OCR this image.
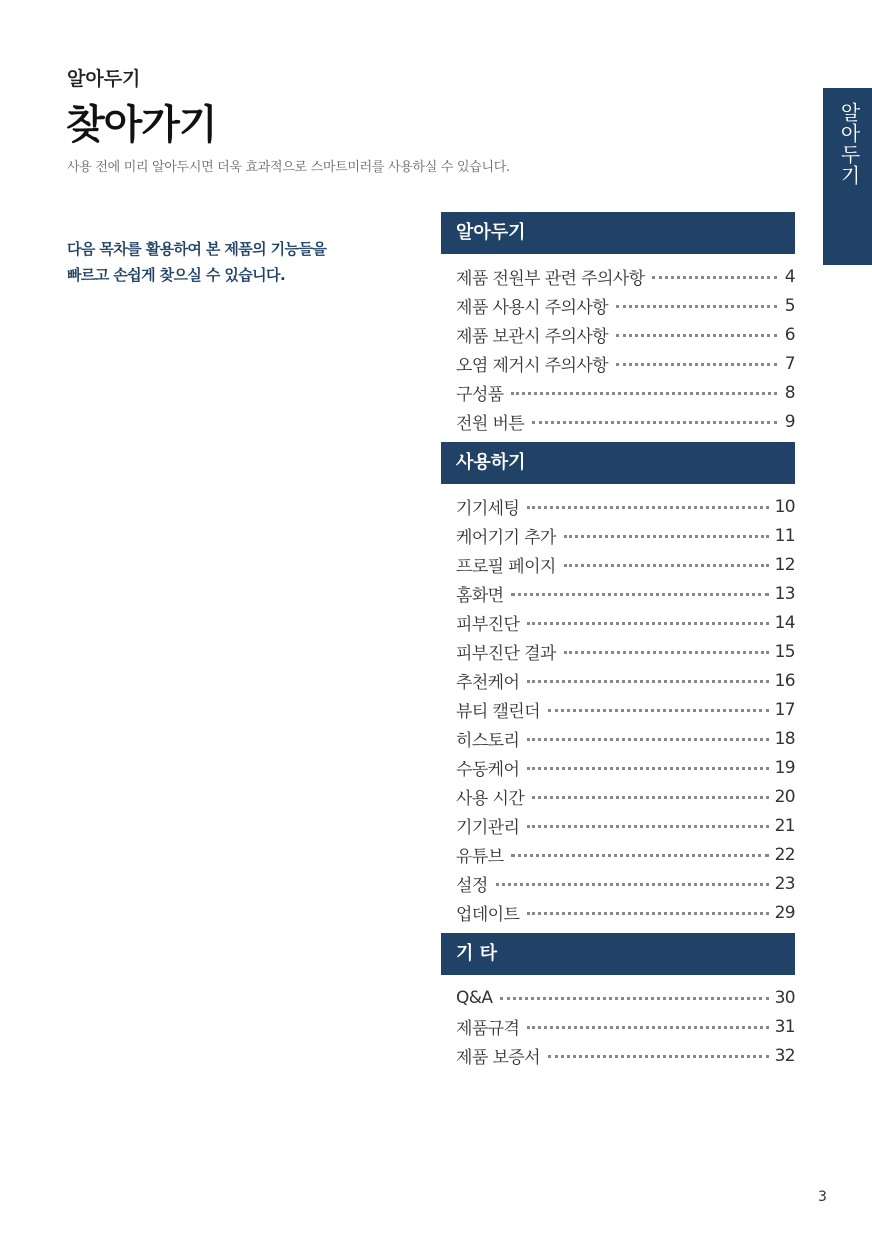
알아두기
찾아가기
사용 전에 미리 알아두시면 더욱 효과적으로 스마트미러를 사용하실 수 있습니다.	알아두기
다음 목차를 활용하여 본 제품의 기능들을
빠르고 손쉽게 찾으실 수 있습니다.
알아두기
제품 전원부 관련 주의사항	4
제품 사용시 주의사항	5
제품 보관시 주의사항	6
오염 제거시 주의사항	7
구성품	8
전원 버튼	9
사용하기
기기세팅	10
케어기기 추가	11
프로필 페이지	12
홈화면	13
피부진단	14
피부진단 결과	15
추천케어	16
뷰티 캘린더	17
히스토리	18
수동케어	19
사용 시간	20
기기관리	21
유튜브	22
설정	23
업데이트	29
기 타
Q&A	30
제품규격	31
제품 보증서	32
3
